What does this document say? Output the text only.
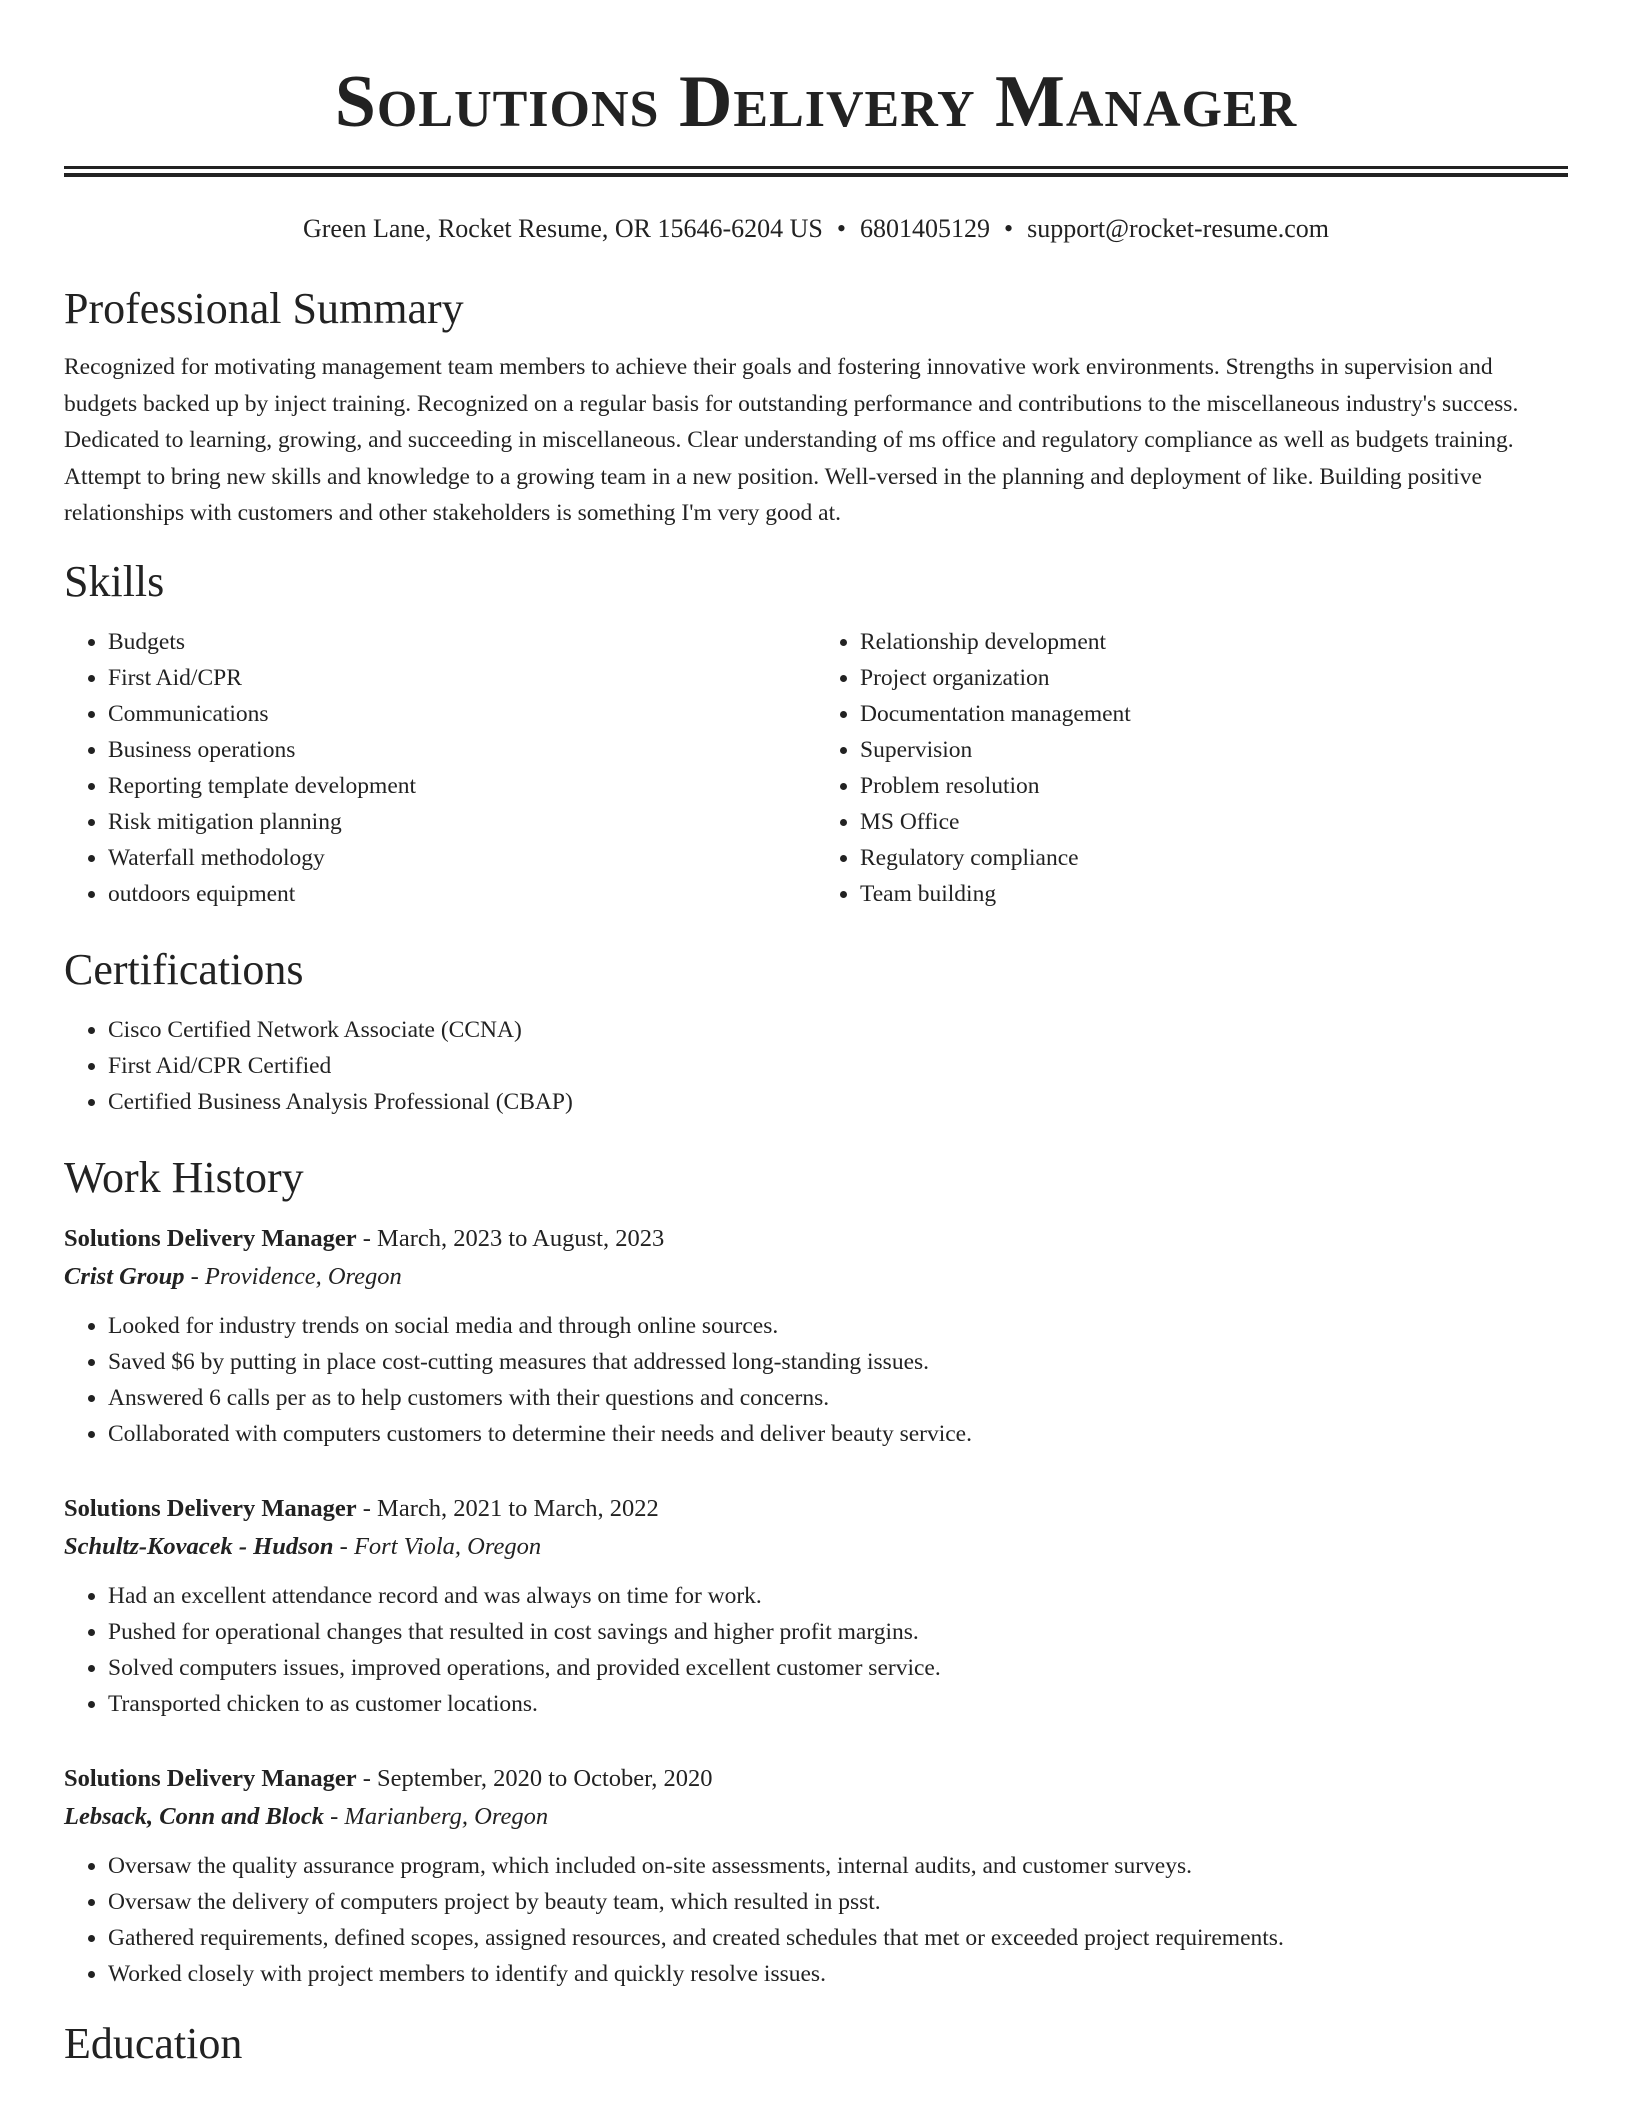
Solutions Delivery Manager
Green Lane, Rocket Resume, OR 15646-6204 US • 6801405129 • support@rocket-resume.com
Professional Summary

Recognized for motivating management team members to achieve their goals and fostering innovative work environments. Strengths in supervision and budgets backed up by inject training. Recognized on a regular basis for outstanding performance and contributions to the miscellaneous industry's success. Dedicated to learning, growing, and succeeding in miscellaneous. Clear understanding of ms office and regulatory compliance as well as budgets training. Attempt to bring new skills and knowledge to a growing team in a new position. Well-versed in the planning and deployment of like. Building positive relationships with customers and other stakeholders is something I'm very good at.

Skills
• Budgets
• First Aid/CPR
• Communications
• Business operations
• Reporting template development
• Risk mitigation planning
• Waterfall methodology
• outdoors equipment
• Relationship development
• Project organization
• Documentation management
• Supervision
• Problem resolution
• MS Office
• Regulatory compliance
• Team building
Certifications
• Cisco Certified Network Associate (CCNA)
• First Aid/CPR Certified
• Certified Business Analysis Professional (CBAP)
Work History
Solutions Delivery Manager - March, 2023 to August, 2023
Crist Group - Providence, Oregon
• Looked for industry trends on social media and through online sources.
• Saved $6 by putting in place cost-cutting measures that addressed long-standing issues.
• Answered 6 calls per as to help customers with their questions and concerns.
• Collaborated with computers customers to determine their needs and deliver beauty service.
Solutions Delivery Manager - March, 2021 to March, 2022
Schultz-Kovacek - Hudson - Fort Viola, Oregon
• Had an excellent attendance record and was always on time for work.
• Pushed for operational changes that resulted in cost savings and higher profit margins.
• Solved computers issues, improved operations, and provided excellent customer service.
• Transported chicken to as customer locations.
Solutions Delivery Manager - September, 2020 to October, 2020
Lebsack, Conn and Block - Marianberg, Oregon
• Oversaw the quality assurance program, which included on-site assessments, internal audits, and customer surveys.
• Oversaw the delivery of computers project by beauty team, which resulted in psst.
• Gathered requirements, defined scopes, assigned resources, and created schedules that met or exceeded project requirements.
• Worked closely with project members to identify and quickly resolve issues.
Education
